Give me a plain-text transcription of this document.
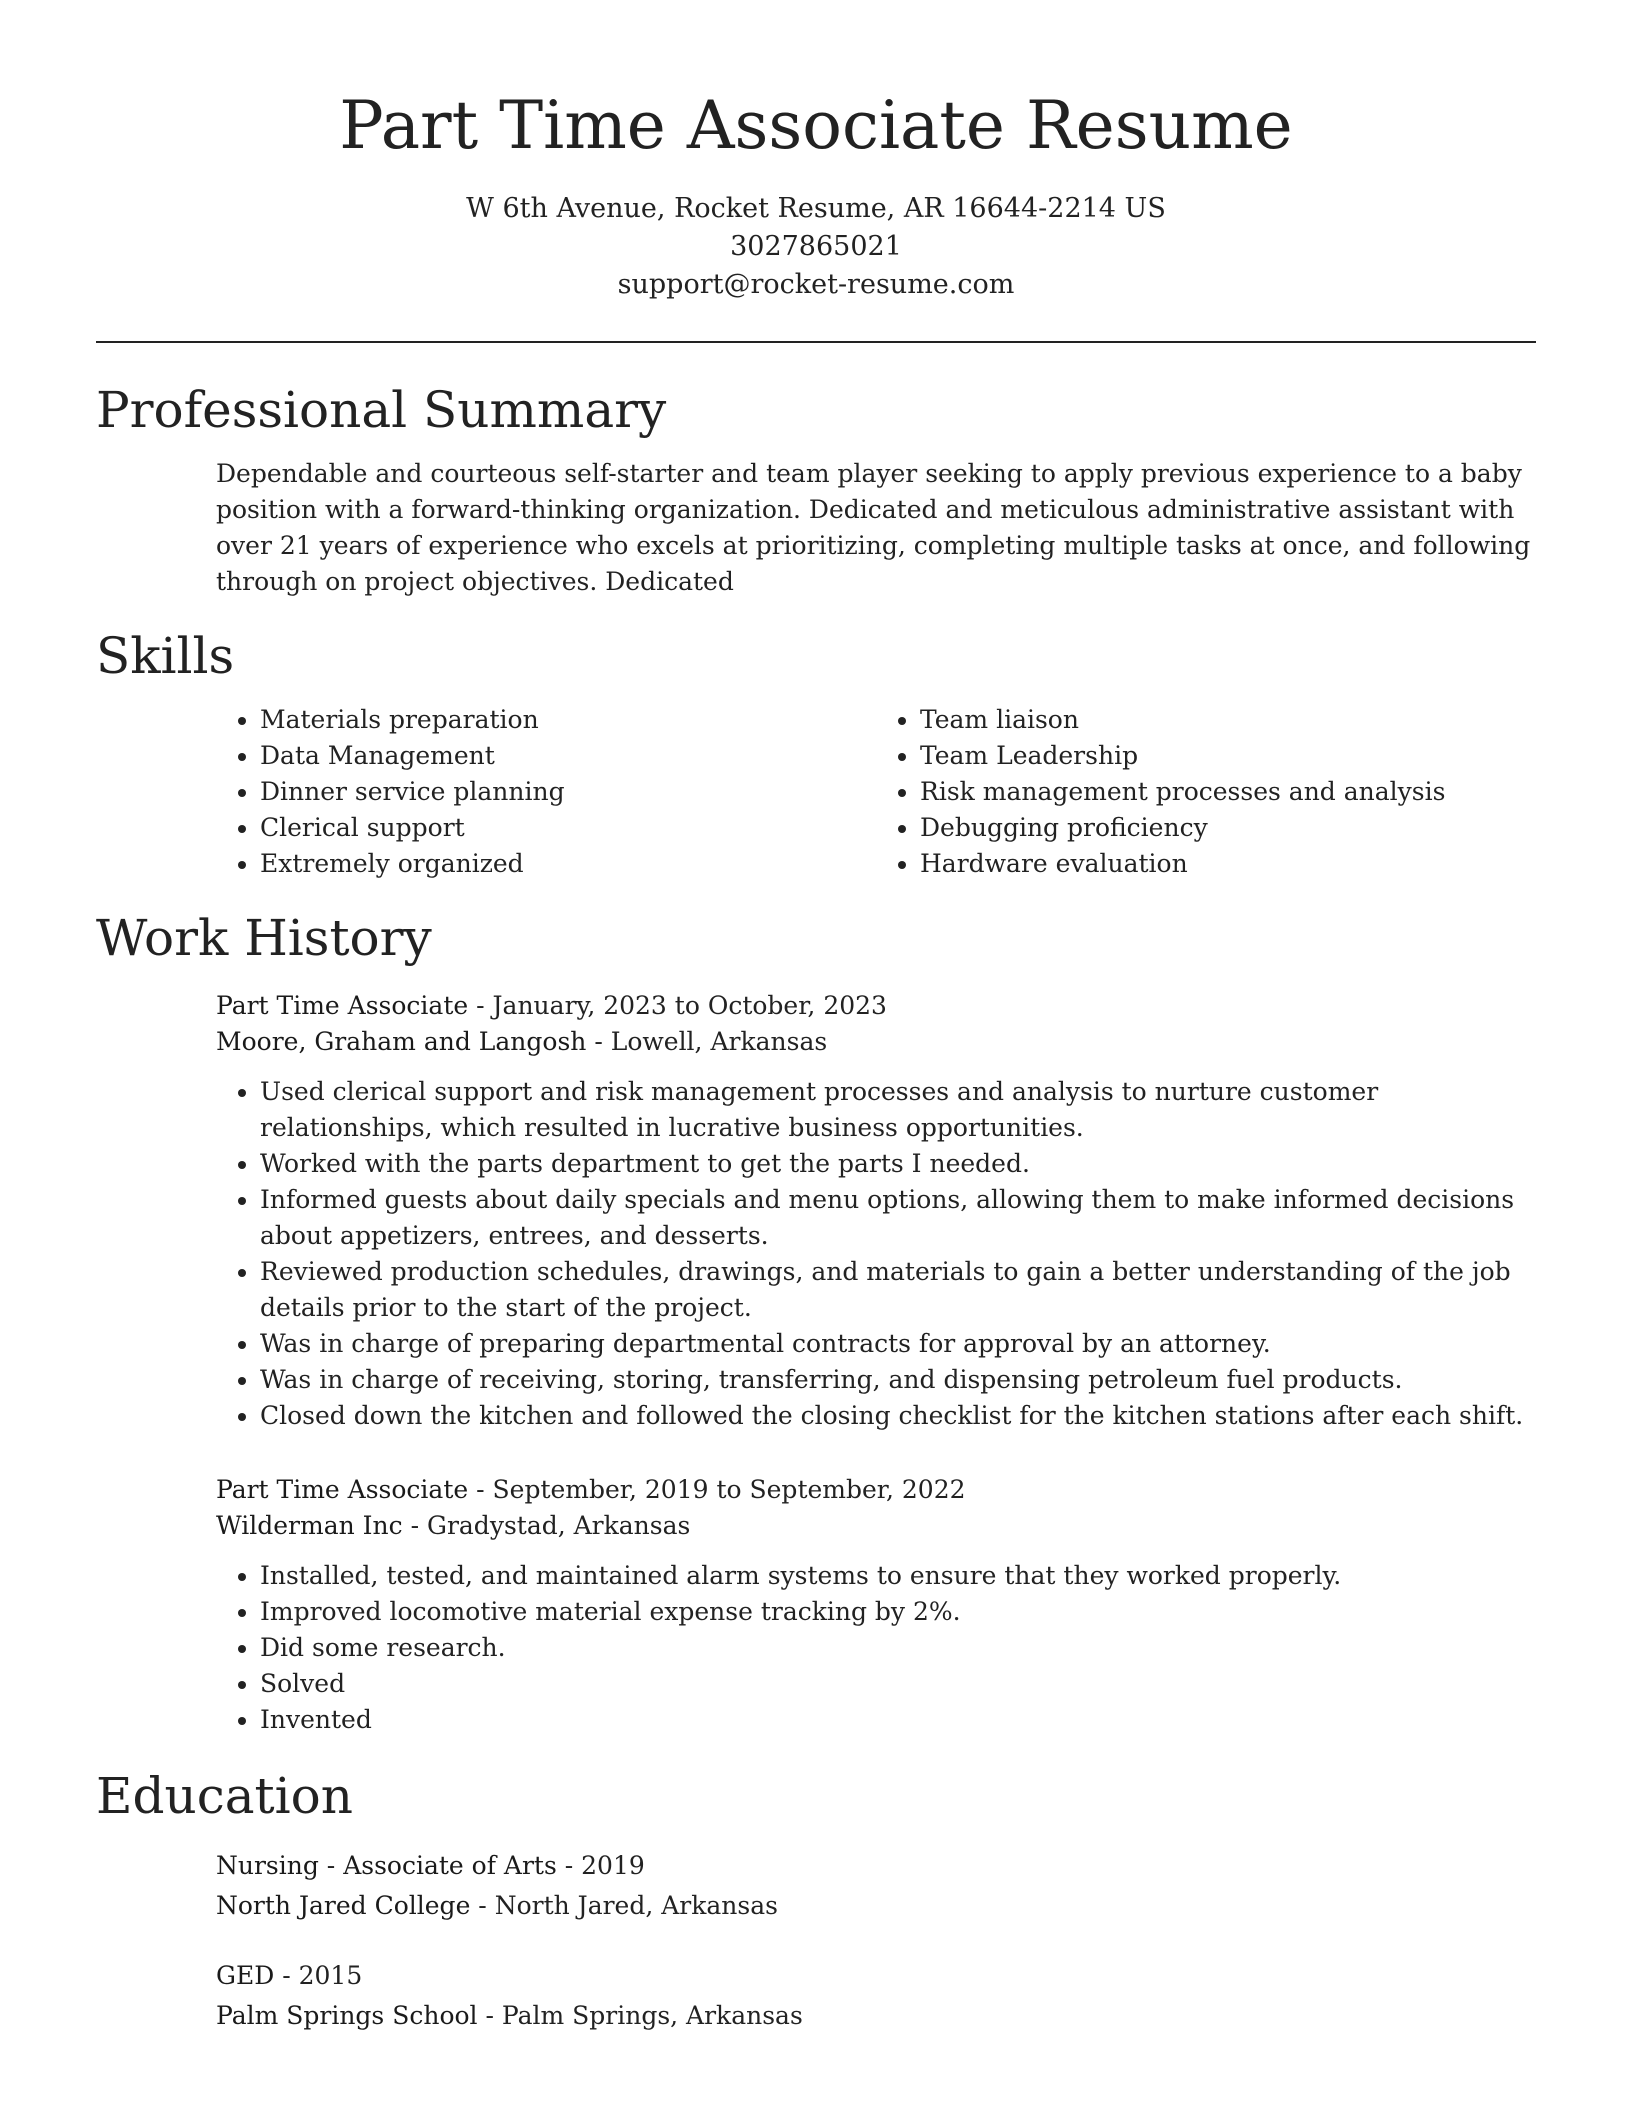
Part Time Associate Resume
W 6th Avenue, Rocket Resume, AR 16644-2214 US
3027865021
support@rocket-resume.com
Professional Summary

Dependable and courteous self-starter and team player seeking to apply previous experience to a baby position with a forward-thinking organization. Dedicated and meticulous administrative assistant with over 21 years of experience who excels at prioritizing, completing multiple tasks at once, and following through on project objectives. Dedicated

Skills
• Materials preparation
• Data Management
• Dinner service planning
• Clerical support
• Extremely organized
• Team liaison
• Team Leadership
• Risk management processes and analysis
• Debugging proficiency
• Hardware evaluation
Work History

Part Time Associate - January, 2023 to October, 2023

Moore, Graham and Langosh - Lowell, Arkansas

• Used clerical support and risk management processes and analysis to nurture customer relationships, which resulted in lucrative business opportunities.
• Worked with the parts department to get the parts I needed.
• Informed guests about daily specials and menu options, allowing them to make informed decisions about appetizers, entrees, and desserts.
• Reviewed production schedules, drawings, and materials to gain a better understanding of the job details prior to the start of the project.
• Was in charge of preparing departmental contracts for approval by an attorney.
• Was in charge of receiving, storing, transferring, and dispensing petroleum fuel products.
• Closed down the kitchen and followed the closing checklist for the kitchen stations after each shift.

Part Time Associate - September, 2019 to September, 2022

Wilderman Inc - Gradystad, Arkansas

• Installed, tested, and maintained alarm systems to ensure that they worked properly.
• Improved locomotive material expense tracking by 2%.
• Did some research.
• Solved
• Invented
Education

Nursing - Associate of Arts - 2019

North Jared College - North Jared, Arkansas

GED - 2015

Palm Springs School - Palm Springs, Arkansas
